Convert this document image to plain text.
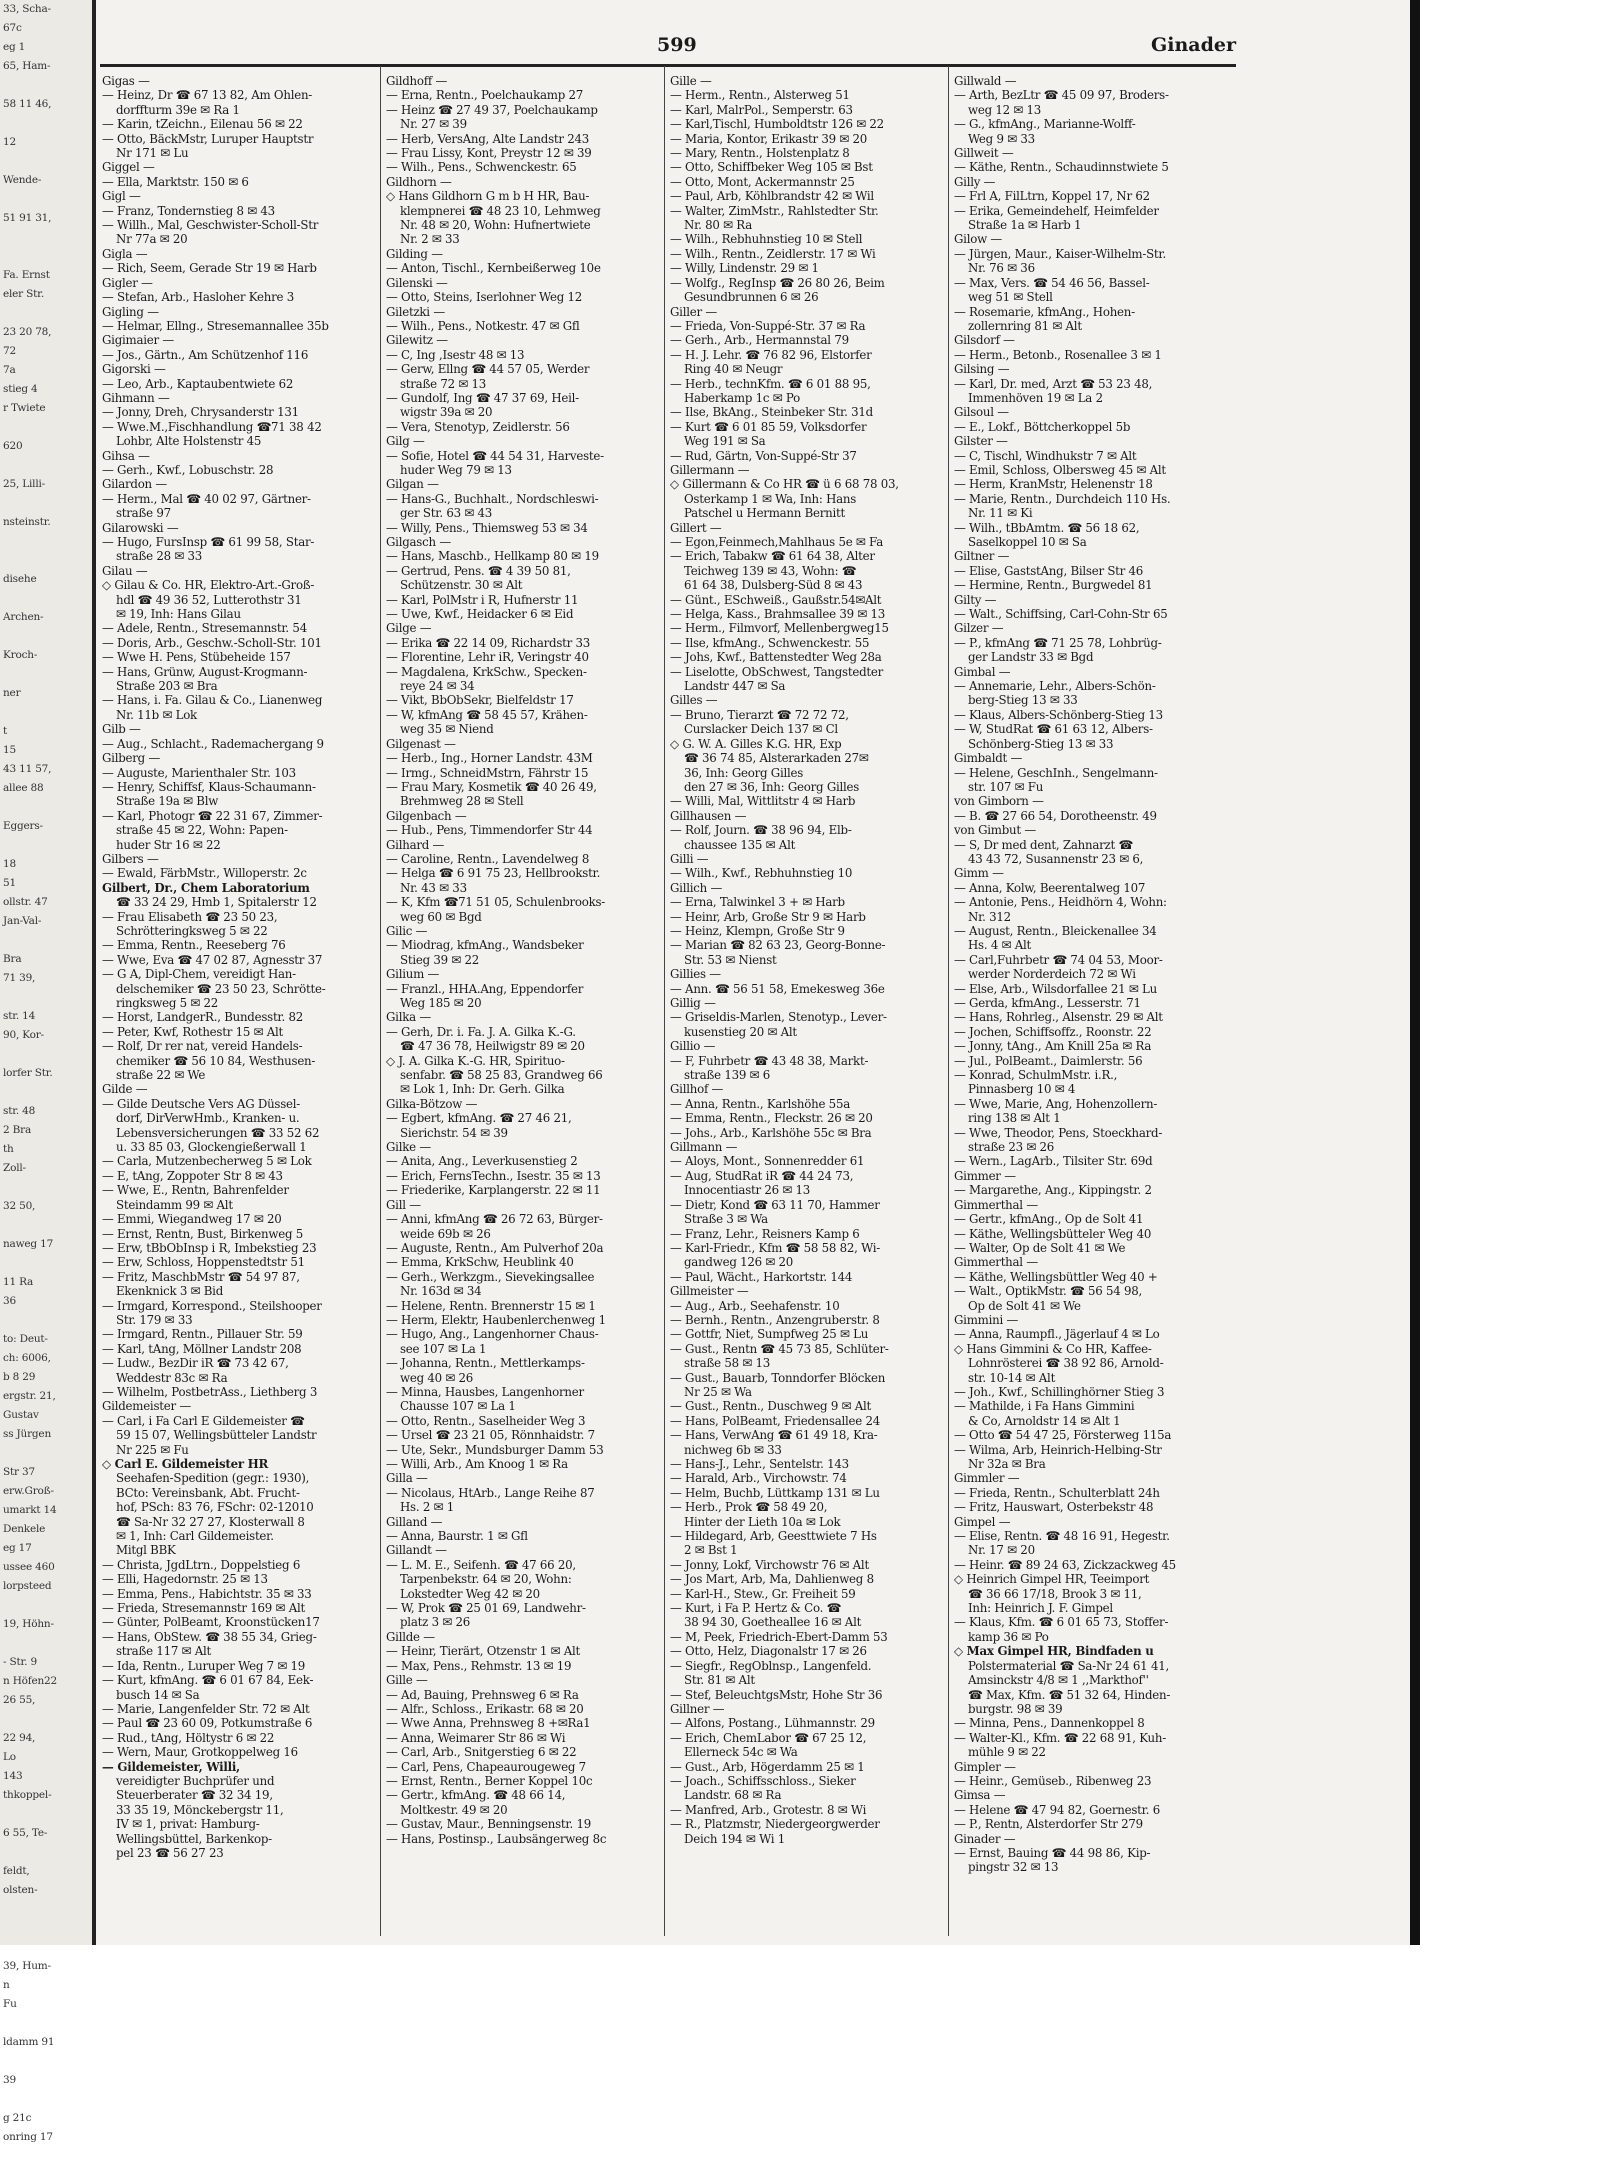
33, Scha-
67c
eg 1
65, Ham-

58 11 46,

12

Wende-

51 91 31,

Fa. Ernst
eler Str.

23 20 78,
72
7a
stieg 4
r Twiete

620

25, Lilli-

nsteinstr.

disehe

Archen-

Kroch-

ner

t
15
43 11 57,
allee 88

Eggers-

18
51
ollstr. 47
Jan-Val-

Bra
71 39,

str. 14
90, Kor-

lorfer Str.

str. 48
2 Bra
th
Zoll-

32 50,

naweg 17

11 Ra
36

to: Deut-
ch: 6006,
b 8 29
ergstr. 21,
Gustav
ss Jürgen

Str 37
erw.Groß-
umarkt 14
Denkele
eg 17
ussee 460
lorpsteed

19, Höhn-

- Str. 9
n Höfen22
26 55,

22 94,
Lo
143
thkoppel-

6 55, Te-

feldt,
olsten-

39, Hum-
n
Fu

ldamm 91

39

g 21c
onring 17
599	Ginader
Gigas —
— Heinz, Dr ☎ 67 13 82, Am Ohlen-
dorffturm 39e ✉ Ra 1
— Karin, tZeichn., Eilenau 56 ✉ 22
— Otto, BäckMstr, Luruper Hauptstr
Nr 171 ✉ Lu
Giggel —
— Ella, Marktstr. 150 ✉ 6
Gigl —
— Franz, Tondernstieg 8 ✉ 43
— Willh., Mal, Geschwister-Scholl-Str
Nr 77a ✉ 20
Gigla —
— Rich, Seem, Gerade Str 19 ✉ Harb
Gigler —
— Stefan, Arb., Hasloher Kehre 3
Gigling —
— Helmar, Ellng., Stresemannallee 35b
Gigimaier —
— Jos., Gärtn., Am Schützenhof 116
Gigorski —
— Leo, Arb., Kaptaubentwiete 62
Gihmann —
— Jonny, Dreh, Chrysanderstr 131
— Wwe.M.,Fischhandlung ☎71 38 42
Lohbr, Alte Holstenstr 45
Gihsa —
— Gerh., Kwf., Lobuschstr. 28
Gilardon —
— Herm., Mal ☎ 40 02 97, Gärtner-
straße 97
Gilarowski —
— Hugo, FursInsp ☎ 61 99 58, Star-
straße 28 ✉ 33
Gilau —
◇ Gilau & Co. HR, Elektro-Art.-Groß-
hdl ☎ 49 36 52, Lutterothstr 31
✉ 19, Inh: Hans Gilau
— Adele, Rentn., Stresemannstr. 54
— Doris, Arb., Geschw.-Scholl-Str. 101
— Wwe H. Pens, Stübeheide 157
— Hans, Grünw, August-Krogmann-
Straße 203 ✉ Bra
— Hans, i. Fa. Gilau & Co., Lianenweg
Nr. 11b ✉ Lok
Gilb —
— Aug., Schlacht., Rademachergang 9
Gilberg —
— Auguste, Marienthaler Str. 103
— Henry, Schiffsf, Klaus-Schaumann-
Straße 19a ✉ Blw
— Karl, Photogr ☎ 22 31 67, Zimmer-
straße 45 ✉ 22, Wohn: Papen-
huder Str 16 ✉ 22
Gilbers —
— Ewald, FärbMstr., Willoperstr. 2c
Gilbert, Dr., Chem Laboratorium
☎ 33 24 29, Hmb 1, Spitalerstr 12
— Frau Elisabeth ☎ 23 50 23,
Schrötteringksweg 5 ✉ 22
— Emma, Rentn., Reeseberg 76
— Wwe, Eva ☎ 47 02 87, Agnesstr 37
— G A, Dipl-Chem, vereidigt Han-
delschemiker ☎ 23 50 23, Schrötte-
ringksweg 5 ✉ 22
— Horst, LandgerR., Bundesstr. 82
— Peter, Kwf, Rothestr 15 ✉ Alt
— Rolf, Dr rer nat, vereid Handels-
chemiker ☎ 56 10 84, Westhusen-
straße 22 ✉ We
Gilde —
— Gilde Deutsche Vers AG Düssel-
dorf, DirVerwHmb., Kranken- u.
Lebensversicherungen ☎ 33 52 62
u. 33 85 03, Glockengießerwall 1
— Carla, Mutzenbecherweg 5 ✉ Lok
— E, tAng, Zoppoter Str 8 ✉ 43
— Wwe, E., Rentn, Bahrenfelder
Steindamm 99 ✉ Alt
— Emmi, Wiegandweg 17 ✉ 20
— Ernst, Rentn, Bust, Birkenweg 5
— Erw, tBbObInsp i R, Imbekstieg 23
— Erw, Schloss, Hoppenstedtstr 51
— Fritz, MaschbMstr ☎ 54 97 87,
Ekenknick 3 ✉ Bid
— Irmgard, Korrespond., Steilshooper
Str. 179 ✉ 33
— Irmgard, Rentn., Pillauer Str. 59
— Karl, tAng, Möllner Landstr 208
— Ludw., BezDir iR ☎ 73 42 67,
Weddestr 83c ✉ Ra
— Wilhelm, PostbetrAss., Liethberg 3
Gildemeister —
— Carl, i Fa Carl E Gildemeister ☎
59 15 07, Wellingsbütteler Landstr
Nr 225 ✉ Fu
◇ Carl E. Gildemeister HR
Seehafen-Spedition (gegr.: 1930),
BCto: Vereinsbank, Abt. Frucht-
hof, PSch: 83 76, FSchr: 02-12010
☎ Sa-Nr 32 27 27, Klosterwall 8
✉ 1, Inh: Carl Gildemeister.
Mitgl BBK
— Christa, JgdLtrn., Doppelstieg 6
— Elli, Hagedornstr. 25 ✉ 13
— Emma, Pens., Habichtstr. 35 ✉ 33
— Frieda, Stresemannstr 169 ✉ Alt
— Günter, PolBeamt, Kroonstücken17
— Hans, ObStew. ☎ 38 55 34, Grieg-
straße 117 ✉ Alt
— Ida, Rentn., Luruper Weg 7 ✉ 19
— Kurt, kfmAng. ☎ 6 01 67 84, Eek-
busch 14 ✉ Sa
— Marie, Langenfelder Str. 72 ✉ Alt
— Paul ☎ 23 60 09, Potkumstraße 6
— Rud., tAng, Höltystr 6 ✉ 22
— Wern, Maur, Grotkoppelweg 16
— Gildemeister, Willi,
vereidigter Buchprüfer und
Steuerberater ☎ 32 34 19,
33 35 19, Mönckebergstr 11,
IV ✉ 1, privat: Hamburg-
Wellingsbüttel, Barkenkop-
pel 23 ☎ 56 27 23
Gildhoff —
— Erna, Rentn., Poelchaukamp 27
— Heinz ☎ 27 49 37, Poelchaukamp
Nr. 27 ✉ 39
— Herb, VersAng, Alte Landstr 243
— Frau Lissy, Kont, Preystr 12 ✉ 39
— Wilh., Pens., Schwenckestr. 65
Gildhorn —
◇ Hans Gildhorn G m b H HR, Bau-
klempnerei ☎ 48 23 10, Lehmweg
Nr. 48 ✉ 20, Wohn: Hufnertwiete
Nr. 2 ✉ 33
Gilding —
— Anton, Tischl., Kernbeißerweg 10e
Gilenski —
— Otto, Steins, Iserlohner Weg 12
Giletzki —
— Wilh., Pens., Notkestr. 47 ✉ Gfl
Gilewitz —
— C, Ing ,Isestr 48 ✉ 13
— Gerw, Ellng ☎ 44 57 05, Werder
straße 72 ✉ 13
— Gundolf, Ing ☎ 47 37 69, Heil-
wigstr 39a ✉ 20
— Vera, Stenotyp, Zeidlerstr. 56
Gilg —
— Sofie, Hotel ☎ 44 54 31, Harveste-
huder Weg 79 ✉ 13
Gilgan —
— Hans-G., Buchhalt., Nordschleswi-
ger Str. 63 ✉ 43
— Willy, Pens., Thiemsweg 53 ✉ 34
Gilgasch —
— Hans, Maschb., Hellkamp 80 ✉ 19
— Gertrud, Pens. ☎ 4 39 50 81,
Schützenstr. 30 ✉ Alt
— Karl, PolMstr i R, Hufnerstr 11
— Uwe, Kwf., Heidacker 6 ✉ Eid
Gilge —
— Erika ☎ 22 14 09, Richardstr 33
— Florentine, Lehr iR, Veringstr 40
— Magdalena, KrkSchw., Specken-
reye 24 ✉ 34
— Vikt, BbObSekr, Bielfeldstr 17
— W, kfmAng ☎ 58 45 57, Krähen-
weg 35 ✉ Niend
Gilgenast —
— Herb., Ing., Horner Landstr. 43M
— Irmg., SchneidMstrn, Fährstr 15
— Frau Mary, Kosmetik ☎ 40 26 49,
Brehmweg 28 ✉ Stell
Gilgenbach —
— Hub., Pens, Timmendorfer Str 44
Gilhard —
— Caroline, Rentn., Lavendelweg 8
— Helga ☎ 6 91 75 23, Hellbrookstr.
Nr. 43 ✉ 33
— K, Kfm ☎71 51 05, Schulenbrooks-
weg 60 ✉ Bgd
Gilic —
— Miodrag, kfmAng., Wandsbeker
Stieg 39 ✉ 22
Gilium —
— Franzl., HHA.Ang, Eppendorfer
Weg 185 ✉ 20
Gilka —
— Gerh, Dr. i. Fa. J. A. Gilka K.-G.
☎ 47 36 78, Heilwigstr 89 ✉ 20
◇ J. A. Gilka K.-G. HR, Spirituo-
senfabr. ☎ 58 25 83, Grandweg 66
✉ Lok 1, Inh: Dr. Gerh. Gilka
Gilka-Bötzow —
— Egbert, kfmAng. ☎ 27 46 21,
Sierichstr. 54 ✉ 39
Gilke —
— Anita, Ang., Leverkusenstieg 2
— Erich, FernsTechn., Isestr. 35 ✉ 13
— Friederike, Karplangerstr. 22 ✉ 11
Gill —
— Anni, kfmAng ☎ 26 72 63, Bürger-
weide 69b ✉ 26
— Auguste, Rentn., Am Pulverhof 20a
— Emma, KrkSchw, Heublink 40
— Gerh., Werkzgm., Sievekingsallee
Nr. 163d ✉ 34
— Helene, Rentn. Brennerstr 15 ✉ 1
— Herm, Elektr, Haubenlerchenweg 1
— Hugo, Ang., Langenhorner Chaus-
see 107 ✉ La 1
— Johanna, Rentn., Mettlerkamps-
weg 40 ✉ 26
— Minna, Hausbes, Langenhorner
Chausse 107 ✉ La 1
— Otto, Rentn., Saselheider Weg 3
— Ursel ☎ 23 21 05, Rönnhaidstr. 7
— Ute, Sekr., Mundsburger Damm 53
— Willi, Arb., Am Knoog 1 ✉ Ra
Gilla —
— Nicolaus, HtArb., Lange Reihe 87
Hs. 2 ✉ 1
Gilland —
— Anna, Baurstr. 1 ✉ Gfl
Gillandt —
— L. M. E., Seifenh. ☎ 47 66 20,
Tarpenbekstr. 64 ✉ 20, Wohn:
Lokstedter Weg 42 ✉ 20
— W, Prok ☎ 25 01 69, Landwehr-
platz 3 ✉ 26
Gillde —
— Heinr, Tierärt, Otzenstr 1 ✉ Alt
— Max, Pens., Rehmstr. 13 ✉ 19
Gille —
— Ad, Bauing, Prehnsweg 6 ✉ Ra
— Alfr., Schloss., Erikastr. 68 ✉ 20
— Wwe Anna, Prehnsweg 8 +✉Ra1
— Anna, Weimarer Str 86 ✉ Wi
— Carl, Arb., Snitgerstieg 6 ✉ 22
— Carl, Pens, Chapeaurougeweg 7
— Ernst, Rentn., Berner Koppel 10c
— Gertr., kfmAng. ☎ 48 66 14,
Moltkestr. 49 ✉ 20
— Gustav, Maur., Benningsenstr. 19
— Hans, Postinsp., Laubsängerweg 8c
Gille —
— Herm., Rentn., Alsterweg 51
— Karl, MalrPol., Semperstr. 63
— Karl,Tischl, Humboldtstr 126 ✉ 22
— Maria, Kontor, Erikastr 39 ✉ 20
— Mary, Rentn., Holstenplatz 8
— Otto, Schiffbeker Weg 105 ✉ Bst
— Otto, Mont, Ackermannstr 25
— Paul, Arb, Köhlbrandstr 42 ✉ Wil
— Walter, ZimMstr., Rahlstedter Str.
Nr. 80 ✉ Ra
— Wilh., Rebhuhnstieg 10 ✉ Stell
— Wilh., Rentn., Zeidlerstr. 17 ✉ Wi
— Willy, Lindenstr. 29 ✉ 1
— Wolfg., RegInsp ☎ 26 80 26, Beim
Gesundbrunnen 6 ✉ 26
Giller —
— Frieda, Von-Suppé-Str. 37 ✉ Ra
— Gerh., Arb., Hermannstal 79
— H. J. Lehr. ☎ 76 82 96, Elstorfer
Ring 40 ✉ Neugr
— Herb., technKfm. ☎ 6 01 88 95,
Haberkamp 1c ✉ Po
— Ilse, BkAng., Steinbeker Str. 31d
— Kurt ☎ 6 01 85 59, Volksdorfer
Weg 191 ✉ Sa
— Rud, Gärtn, Von-Suppé-Str 37
Gillermann —
◇ Gillermann & Co HR ☎ ü 6 68 78 03,
Osterkamp 1 ✉ Wa, Inh: Hans
Patschel u Hermann Bernitt
Gillert —
— Egon,Feinmech,Mahlhaus 5e ✉ Fa
— Erich, Tabakw ☎ 61 64 38, Alter
Teichweg 139 ✉ 43, Wohn: ☎
61 64 38, Dulsberg-Süd 8 ✉ 43
— Günt., ESchweiß., Gaußstr.54✉Alt
— Helga, Kass., Brahmsallee 39 ✉ 13
— Herm., Filmvorf, Mellenbergweg15
— Ilse, kfmAng., Schwenckestr. 55
— Johs, Kwf., Battenstedter Weg 28a
— Liselotte, ObSchwest, Tangstedter
Landstr 447 ✉ Sa
Gilles —
— Bruno, Tierarzt ☎ 72 72 72,
Curslacker Deich 137 ✉ Cl
◇ G. W. A. Gilles K.G. HR, Exp
☎ 36 74 85, Alsterarkaden 27✉
36, Inh: Georg Gilles
den 27 ✉ 36, Inh: Georg Gilles
— Willi, Mal, Wittlitstr 4 ✉ Harb
Gillhausen —
— Rolf, Journ. ☎ 38 96 94, Elb-
chaussee 135 ✉ Alt
Gilli —
— Wilh., Kwf., Rebhuhnstieg 10
Gillich —
— Erna, Talwinkel 3 + ✉ Harb
— Heinr, Arb, Große Str 9 ✉ Harb
— Heinz, Klempn, Große Str 9
— Marian ☎ 82 63 23, Georg-Bonne-
Str. 53 ✉ Nienst
Gillies —
— Ann. ☎ 56 51 58, Emekesweg 36e
Gillig —
— Griseldis-Marlen, Stenotyp., Lever-
kusenstieg 20 ✉ Alt
Gillio —
— F, Fuhrbetr ☎ 43 48 38, Markt-
straße 139 ✉ 6
Gillhof —
— Anna, Rentn., Karlshöhe 55a
— Emma, Rentn., Fleckstr. 26 ✉ 20
— Johs., Arb., Karlshöhe 55c ✉ Bra
Gillmann —
— Aloys, Mont., Sonnenredder 61
— Aug, StudRat iR ☎ 44 24 73,
Innocentiastr 26 ✉ 13
— Dietr, Kond ☎ 63 11 70, Hammer
Straße 3 ✉ Wa
— Franz, Lehr., Reisners Kamp 6
— Karl-Friedr., Kfm ☎ 58 58 82, Wi-
gandweg 126 ✉ 20
— Paul, Wächt., Harkortstr. 144
Gillmeister —
— Aug., Arb., Seehafenstr. 10
— Bernh., Rentn., Anzengruberstr. 8
— Gottfr, Niet, Sumpfweg 25 ✉ Lu
— Gust., Rentn ☎ 45 73 85, Schlüter-
straße 58 ✉ 13
— Gust., Bauarb, Tonndorfer Blöcken
Nr 25 ✉ Wa
— Gust., Rentn., Duschweg 9 ✉ Alt
— Hans, PolBeamt, Friedensallee 24
— Hans, VerwAng ☎ 61 49 18, Kra-
nichweg 6b ✉ 33
— Hans-J., Lehr., Sentelstr. 143
— Harald, Arb., Virchowstr. 74
— Helm, Buchb, Lüttkamp 131 ✉ Lu
— Herb., Prok ☎ 58 49 20,
Hinter der Lieth 10a ✉ Lok
— Hildegard, Arb, Geesttwiete 7 Hs
2 ✉ Bst 1
— Jonny, Lokf, Virchowstr 76 ✉ Alt
— Jos Mart, Arb, Ma, Dahlienweg 8
— Karl-H., Stew., Gr. Freiheit 59
— Kurt, i Fa P. Hertz & Co. ☎
38 94 30, Goetheallee 16 ✉ Alt
— M, Peek, Friedrich-Ebert-Damm 53
— Otto, Helz, Diagonalstr 17 ✉ 26
— Siegfr., RegOblnsp., Langenfeld.
Str. 81 ✉ Alt
— Stef, BeleuchtgsMstr, Hohe Str 36
Gillner —
— Alfons, Postang., Lühmannstr. 29
— Erich, ChemLabor ☎ 67 25 12,
Ellerneck 54c ✉ Wa
— Gust., Arb, Högerdamm 25 ✉ 1
— Joach., Schiffsschloss., Sieker
Landstr. 68 ✉ Ra
— Manfred, Arb., Grotestr. 8 ✉ Wi
— R., Platzmstr, Niedergeorgwerder
Deich 194 ✉ Wi 1
Gillwald —
— Arth, BezLtr ☎ 45 09 97, Broders-
weg 12 ✉ 13
— G., kfmAng., Marianne-Wolff-
Weg 9 ✉ 33
Gillweit —
— Käthe, Rentn., Schaudinnstwiete 5
Gilly —
— Frl A, FilLtrn, Koppel 17, Nr 62
— Erika, Gemeindehelf, Heimfelder
Straße 1a ✉ Harb 1
Gilow —
— Jürgen, Maur., Kaiser-Wilhelm-Str.
Nr. 76 ✉ 36
— Max, Vers. ☎ 54 46 56, Bassel-
weg 51 ✉ Stell
— Rosemarie, kfmAng., Hohen-
zollernring 81 ✉ Alt
Gilsdorf —
— Herm., Betonb., Rosenallee 3 ✉ 1
Gilsing —
— Karl, Dr. med, Arzt ☎ 53 23 48,
Immenhöven 19 ✉ La 2
Gilsoul —
— E., Lokf., Böttcherkoppel 5b
Gilster —
— C, Tischl, Windhukstr 7 ✉ Alt
— Emil, Schloss, Olbersweg 45 ✉ Alt
— Herm, KranMstr, Helenenstr 18
— Marie, Rentn., Durchdeich 110 Hs.
Nr. 11 ✉ Ki
— Wilh., tBbAmtm. ☎ 56 18 62,
Saselkoppel 10 ✉ Sa
Giltner —
— Elise, GaststAng, Bilser Str 46
— Hermine, Rentn., Burgwedel 81
Gilty —
— Walt., Schiffsing, Carl-Cohn-Str 65
Gilzer —
— P., kfmAng ☎ 71 25 78, Lohbrüg-
ger Landstr 33 ✉ Bgd
Gimbal —
— Annemarie, Lehr., Albers-Schön-
berg-Stieg 13 ✉ 33
— Klaus, Albers-Schönberg-Stieg 13
— W, StudRat ☎ 61 63 12, Albers-
Schönberg-Stieg 13 ✉ 33
Gimbaldt —
— Helene, GeschInh., Sengelmann-
str. 107 ✉ Fu
von Gimborn —
— B. ☎ 27 66 54, Dorotheenstr. 49
von Gimbut —
— S, Dr med dent, Zahnarzt ☎
43 43 72, Susannenstr 23 ✉ 6,
Gimm —
— Anna, Kolw, Beerentalweg 107
— Antonie, Pens., Heidhörn 4, Wohn:
Nr. 312
— August, Rentn., Bleickenallee 34
Hs. 4 ✉ Alt
— Carl,Fuhrbetr ☎ 74 04 53, Moor-
werder Norderdeich 72 ✉ Wi
— Else, Arb., Wilsdorfallee 21 ✉ Lu
— Gerda, kfmAng., Lesserstr. 71
— Hans, Rohrleg., Alsenstr. 29 ✉ Alt
— Jochen, Schiffsoffz., Roonstr. 22
— Jonny, tAng., Am Knill 25a ✉ Ra
— Jul., PolBeamt., Daimlerstr. 56
— Konrad, SchulmMstr. i.R.,
Pinnasberg 10 ✉ 4
— Wwe, Marie, Ang, Hohenzollern-
ring 138 ✉ Alt 1
— Wwe, Theodor, Pens, Stoeckhard-
straße 23 ✉ 26
— Wern., LagArb., Tilsiter Str. 69d
Gimmer —
— Margarethe, Ang., Kippingstr. 2
Gimmerthal —
— Gertr., kfmAng., Op de Solt 41
— Käthe, Wellingsbütteler Weg 40
— Walter, Op de Solt 41 ✉ We
Gimmerthal —
— Käthe, Wellingsbüttler Weg 40 +
— Walt., OptikMstr. ☎ 56 54 98,
Op de Solt 41 ✉ We
Gimmini —
— Anna, Raumpfl., Jägerlauf 4 ✉ Lo
◇ Hans Gimmini & Co HR, Kaffee-
Lohnrösterei ☎ 38 92 86, Arnold-
str. 10-14 ✉ Alt
— Joh., Kwf., Schillinghörner Stieg 3
— Mathilde, i Fa Hans Gimmini
& Co, Arnoldstr 14 ✉ Alt 1
— Otto ☎ 54 47 25, Försterweg 115a
— Wilma, Arb, Heinrich-Helbing-Str
Nr 32a ✉ Bra
Gimmler —
— Frieda, Rentn., Schulterblatt 24h
— Fritz, Hauswart, Osterbekstr 48
Gimpel —
— Elise, Rentn. ☎ 48 16 91, Hegestr.
Nr. 17 ✉ 20
— Heinr. ☎ 89 24 63, Zickzackweg 45
◇ Heinrich Gimpel HR, Teeimport
☎ 36 66 17/18, Brook 3 ✉ 11,
Inh: Heinrich J. F. Gimpel
— Klaus, Kfm. ☎ 6 01 65 73, Stoffer-
kamp 36 ✉ Po
◇ Max Gimpel HR, Bindfaden u
Polstermaterial ☎ Sa-Nr 24 61 41,
Amsinckstr 4/8 ✉ 1 ,,Markthof''
☎ Max, Kfm. ☎ 51 32 64, Hinden-
burgstr. 98 ✉ 39
— Minna, Pens., Dannenkoppel 8
— Walter-Kl., Kfm. ☎ 22 68 91, Kuh-
mühle 9 ✉ 22
Gimpler —
— Heinr., Gemüseb., Ribenweg 23
Gimsa —
— Helene ☎ 47 94 82, Goernestr. 6
— P., Rentn, Alsterdorfer Str 279
Ginader —
— Ernst, Bauing ☎ 44 98 86, Kip-
pingstr 32 ✉ 13
